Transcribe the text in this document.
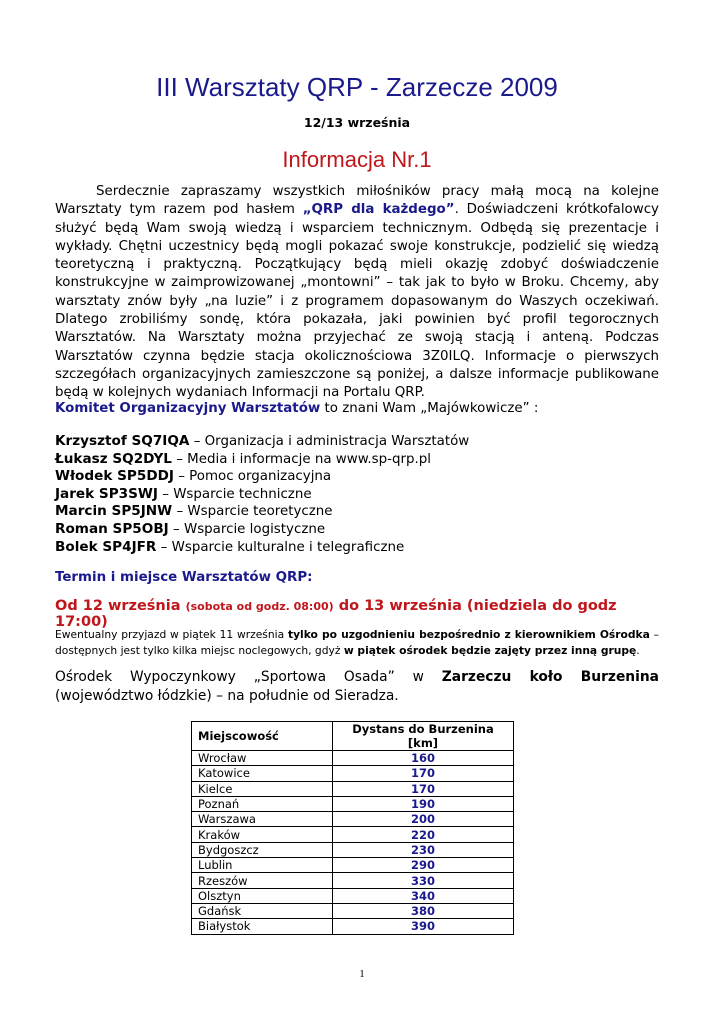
III Warsztaty QRP - Zarzecze 2009
12/13 września
Informacja Nr.1

Serdecznie zapraszamy wszystkich miłośników pracy małą mocą na kolejne Warsztaty tym razem pod hasłem „QRP dla każdego”. Doświadczeni krótkofalowcy służyć będą Wam swoją wiedzą i wsparciem technicznym. Odbędą się prezentacje i wykłady. Chętni uczestnicy będą mogli pokazać swoje konstrukcje, podzielić się wiedzą teoretyczną i praktyczną. Początkujący będą mieli okazję zdobyć doświadczenie konstrukcyjne w zaimprowizowanej „montowni” – tak jak to było w Broku. Chcemy, aby warsztaty znów były „na luzie” i z programem dopasowanym do Waszych oczekiwań. Dlatego zrobiliśmy sondę, która pokazała, jaki powinien być profil tegorocznych Warsztatów. Na Warsztaty można przyjechać ze swoją stacją i anteną. Podczas Warsztatów czynna będzie stacja okolicznościowa 3Z0ILQ. Informacje o pierwszych szczegółach organizacyjnych zamieszczone są poniżej, a dalsze informacje publikowane będą w kolejnych wydaniach Informacji na Portalu QRP.

Komitet Organizacyjny Warsztatów to znani Wam „Majówkowicze” :

Krzysztof SQ7IQA – Organizacja i administracja Warsztatów
Łukasz SQ2DYL – Media i informacje na www.sp-qrp.pl
Włodek SP5DDJ – Pomoc organizacyjna
Jarek SP3SWJ – Wsparcie techniczne
Marcin SP5JNW – Wsparcie teoretyczne
Roman SP5OBJ – Wsparcie logistyczne
Bolek SP4JFR – Wsparcie kulturalne i telegraficzne

Termin i miejsce Warsztatów QRP:

Od 12 września (sobota od godz. 08:00) do 13 września (niedziela do godz 17:00)

Ewentualny przyjazd w piątek 11 września tylko po uzgodnieniu bezpośrednio z kierownikiem Ośrodka – dostępnych jest tylko kilka miejsc noclegowych, gdyż w piątek ośrodek będzie zajęty przez inną grupę.

Ośrodek Wypoczynkowy „Sportowa Osada” w Zarzeczu koło Burzenina (województwo łódzkie) – na południe od Sieradza.

Miejscowość	Dystans do Burzenina [km]
Wrocław	160
Katowice	170
Kielce	170
Poznań	190
Warszawa	200
Kraków	220
Bydgoszcz	230
Lublin	290
Rzeszów	330
Olsztyn	340
Gdańsk	380
Białystok	390
1
